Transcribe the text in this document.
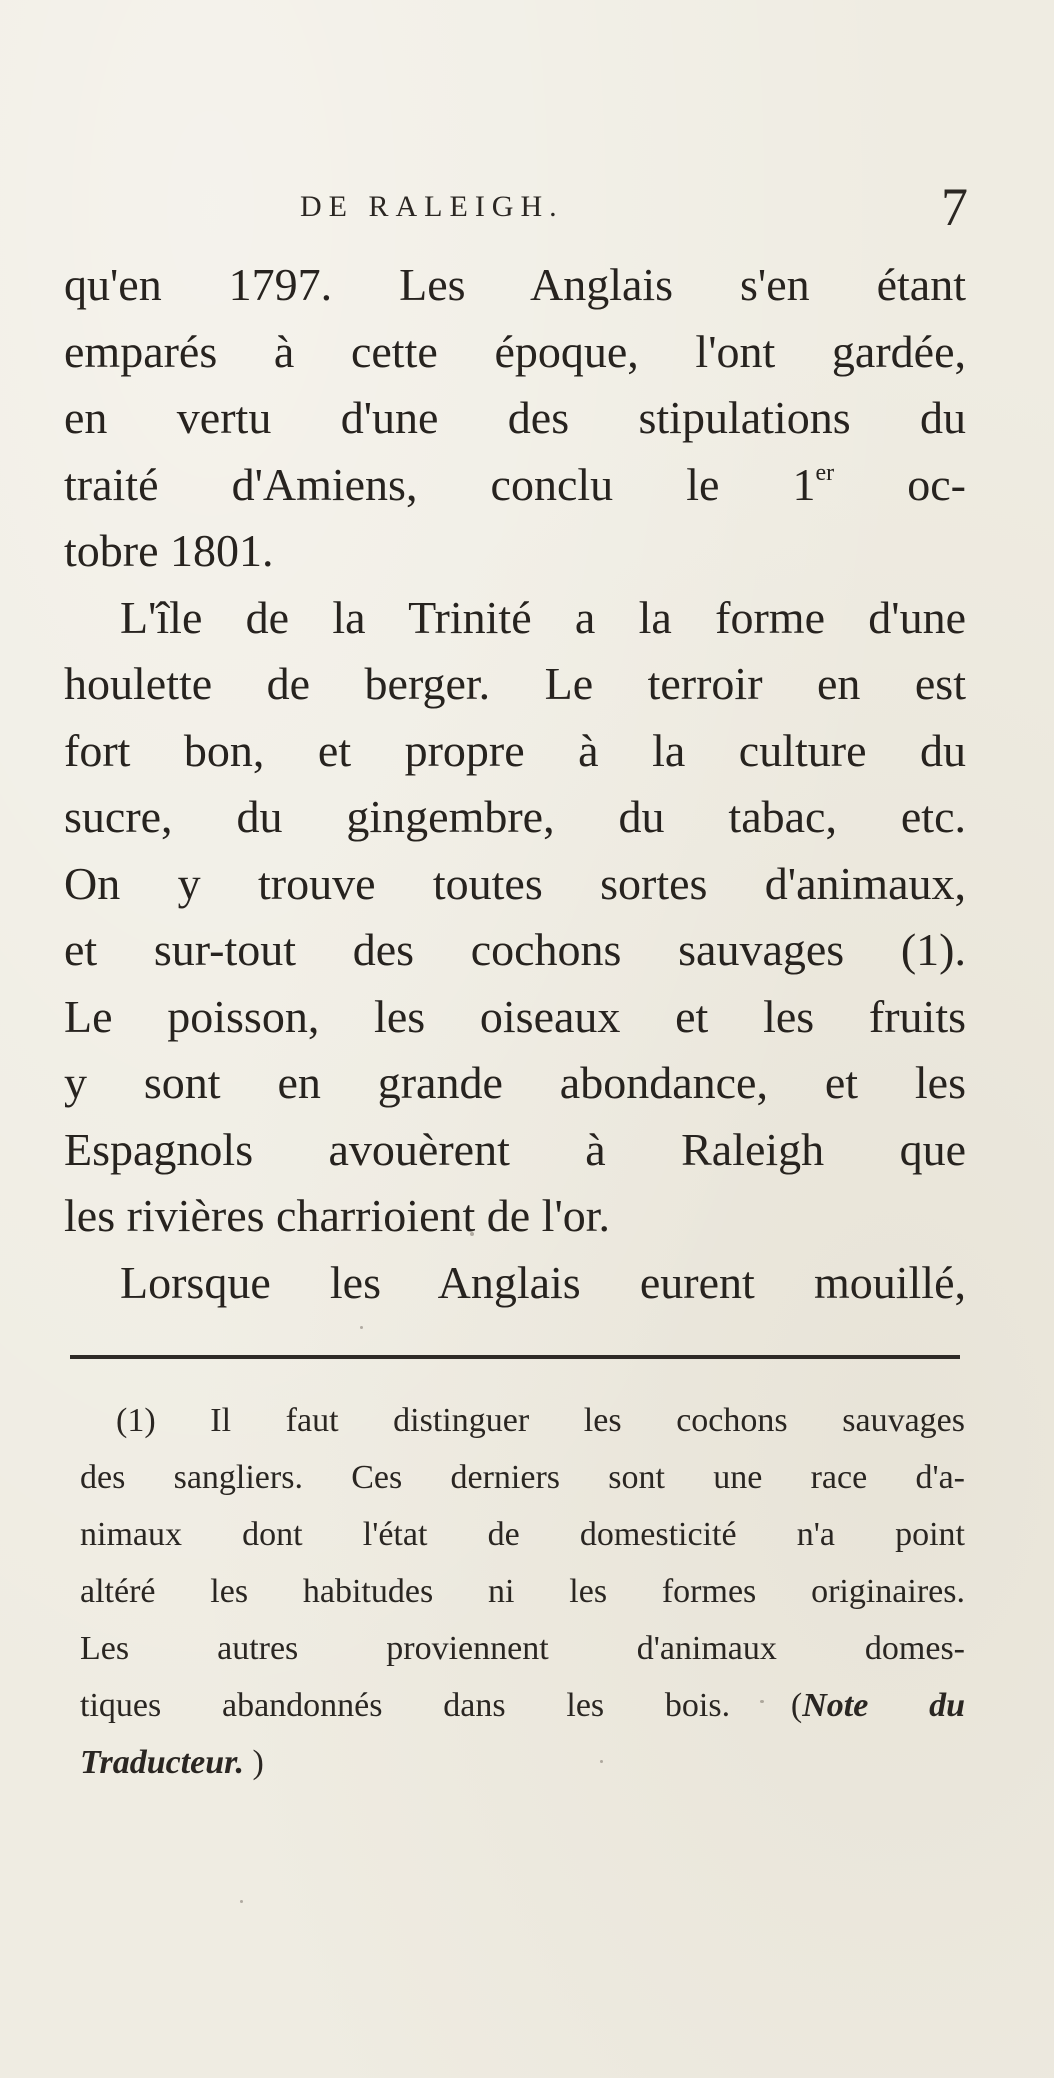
DE RALEIGH.	7
qu'en 1797. Les Anglais s'en étant
emparés à cette époque, l'ont gardée,
en vertu d'une des stipulations du
traité d'Amiens, conclu le 1er oc-
tobre 1801.
L'île de la Trinité a la forme d'une
houlette de berger. Le terroir en est
fort bon, et propre à la culture du
sucre, du gingembre, du tabac, etc.
On y trouve toutes sortes d'animaux,
et sur-tout des cochons sauvages (1).
Le poisson, les oiseaux et les fruits
y sont en grande abondance, et les
Espagnols avouèrent à Raleigh que
les rivières charrioient de l'or.
Lorsque les Anglais eurent mouillé,
(1) Il faut distinguer les cochons sauvages
des sangliers. Ces derniers sont une race d'a-
nimaux dont l'état de domesticité n'a point
altéré les habitudes ni les formes originaires.
Les autres proviennent d'animaux domes-
tiques abandonnés dans les bois. (Note du
Traducteur. )
